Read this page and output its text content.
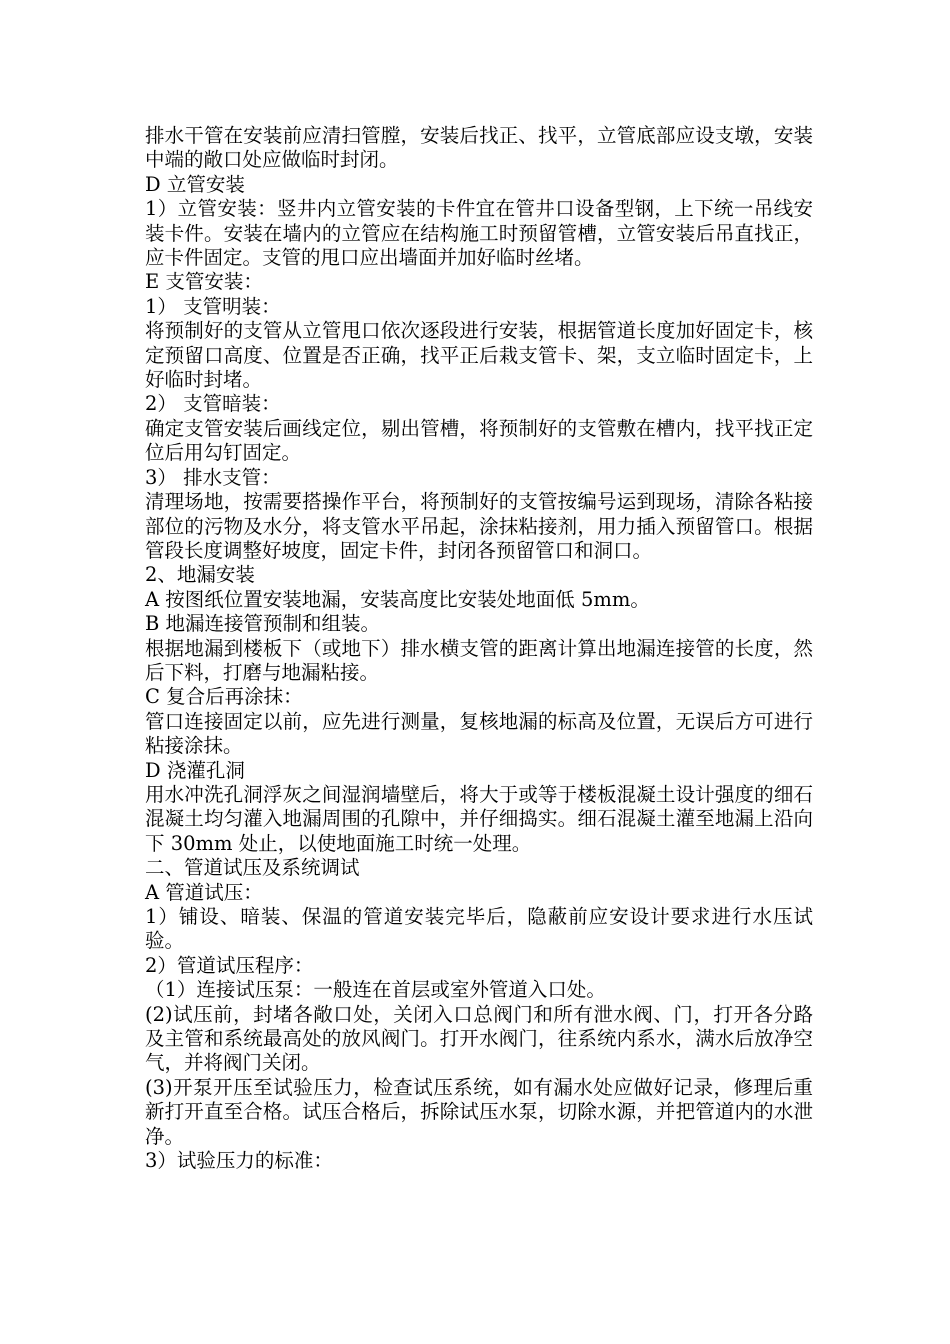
排水干管在安装前应清扫管膛，安装后找正、找平，立管底部应设支墩，安装中端的敞口处应做临时封闭。

D 立管安装

1）立管安装：竖井内立管安装的卡件宜在管井口设备型钢，上下统一吊线安装卡件。安装在墙内的立管应在结构施工时预留管槽，立管安装后吊直找正，应卡件固定。支管的甩口应出墙面并加好临时丝堵。

E 支管安装：

1） 支管明装：

将预制好的支管从立管甩口依次逐段进行安装，根据管道长度加好固定卡，核定预留口高度、位置是否正确，找平正后栽支管卡、架，支立临时固定卡，上好临时封堵。

2） 支管暗装：

确定支管安装后画线定位，剔出管槽，将预制好的支管敷在槽内，找平找正定位后用勾钉固定。

3） 排水支管：

清理场地，按需要搭操作平台，将预制好的支管按编号运到现场，清除各粘接部位的污物及水分，将支管水平吊起，涂抹粘接剂，用力插入预留管口。根据管段长度调整好坡度，固定卡件，封闭各预留管口和洞口。

2、地漏安装

A 按图纸位置安装地漏，安装高度比安装处地面低 5mm。

B 地漏连接管预制和组装。

根据地漏到楼板下（或地下）排水横支管的距离计算出地漏连接管的长度，然后下料，打磨与地漏粘接。

C 复合后再涂抹：

管口连接固定以前，应先进行测量，复核地漏的标高及位置，无误后方可进行粘接涂抹。

D 浇灌孔洞

用水冲洗孔洞浮灰之间湿润墙壁后，将大于或等于楼板混凝土设计强度的细石混凝土均匀灌入地漏周围的孔隙中，并仔细捣实。细石混凝土灌至地漏上沿向下 30mm 处止，以使地面施工时统一处理。

二、管道试压及系统调试

A 管道试压：

1）铺设、暗装、保温的管道安装完毕后，隐蔽前应安设计要求进行水压试验。

2）管道试压程序：

（1）连接试压泵：一般连在首层或室外管道入口处。

(2)试压前，封堵各敞口处，关闭入口总阀门和所有泄水阀、门，打开各分路及主管和系统最高处的放风阀门。打开水阀门，往系统内系水，满水后放净空气，并将阀门关闭。

(3)开泵开压至试验压力，检查试压系统，如有漏水处应做好记录，修理后重新打开直至合格。试压合格后，拆除试压水泵，切除水源，并把管道内的水泄净。

3）试验压力的标准：
